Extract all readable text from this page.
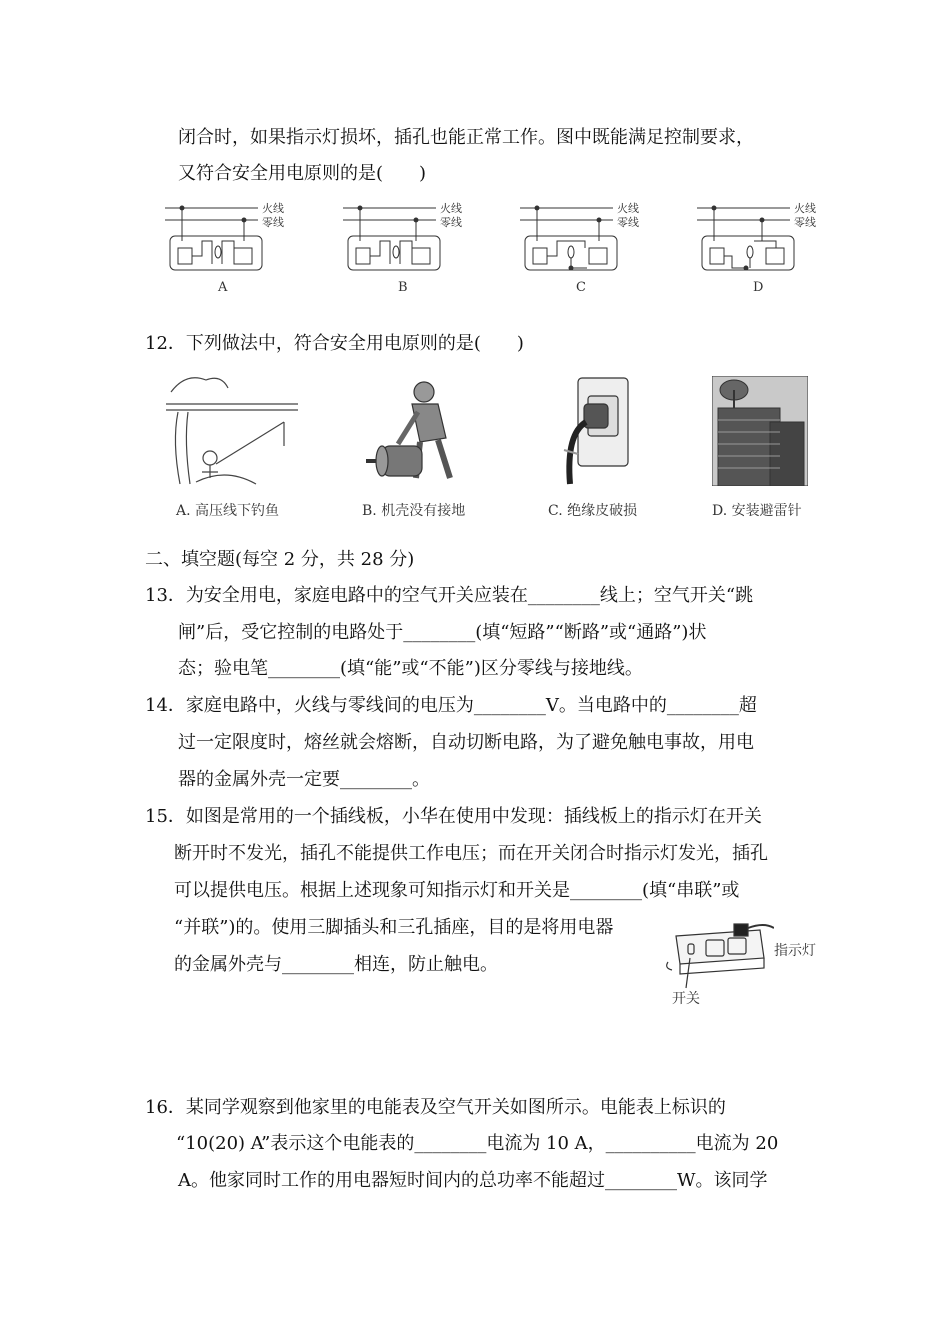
闭合时，如果指示灯损坏，插孔也能正常工作。图中既能满足控制要求，
又符合安全用电原则的是(　　)
A
火线
零线
B
火线
零线
C
火线
零线
D
火线
零线
12．下列做法中，符合安全用电原则的是(　　)
A. 高压线下钓鱼	B. 机壳没有接地	C. 绝缘皮破损	D. 安装避雷针
二、填空题(每空 2 分，共 28 分)
13．为安全用电，家庭电路中的空气开关应装在________线上；空气开关“跳
闸”后，受它控制的电路处于________(填“短路”“断路”或“通路”)状
态；验电笔________(填“能”或“不能”)区分零线与接地线。
14．家庭电路中，火线与零线间的电压为________V。当电路中的________超
过一定限度时，熔丝就会熔断，自动切断电路，为了避免触电事故，用电
器的金属外壳一定要________。
15．如图是常用的一个插线板，小华在使用中发现：插线板上的指示灯在开关
断开时不发光，插孔不能提供工作电压；而在开关闭合时指示灯发光，插孔
可以提供电压。根据上述现象可知指示灯和开关是________(填“串联”或
“并联”)的。使用三脚插头和三孔插座，目的是将用电器
的金属外壳与________相连，防止触电。
指示灯
开关
16．某同学观察到他家里的电能表及空气开关如图所示。电能表上标识的
“10(20) A”表示这个电能表的________电流为 10 A，__________电流为 20
A。他家同时工作的用电器短时间内的总功率不能超过________W。该同学
